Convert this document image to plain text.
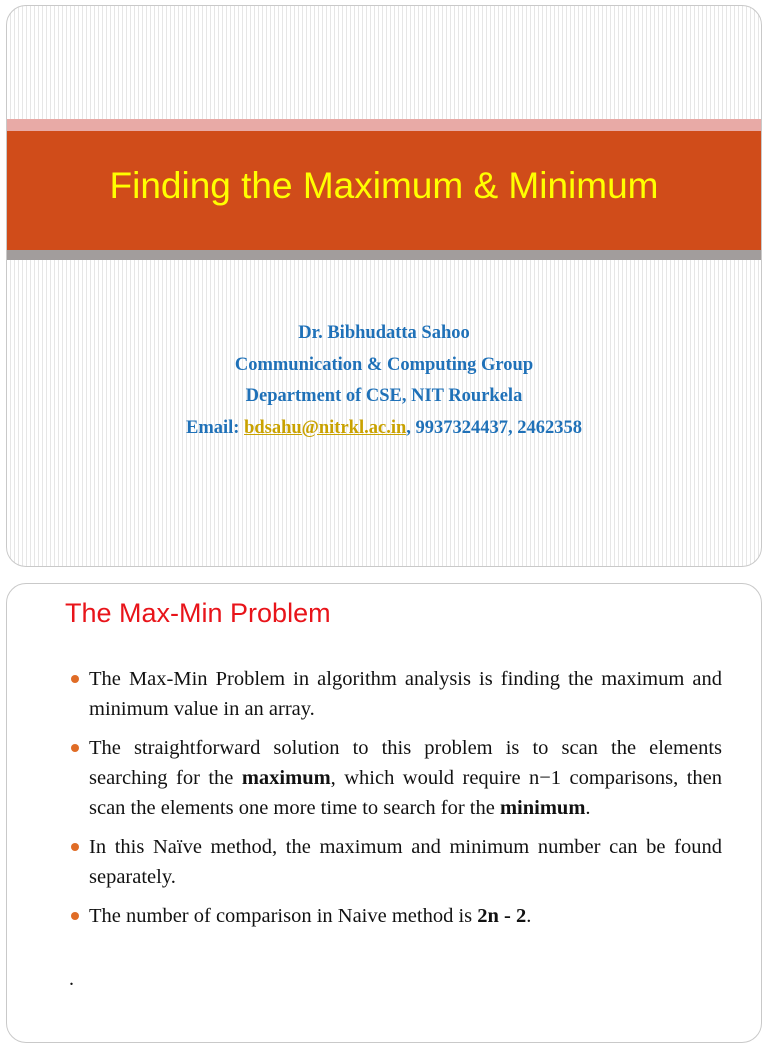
Finding the Maximum & Minimum
Dr. Bibhudatta Sahoo
Communication & Computing Group
Department of CSE, NIT Rourkela
Email: bdsahu@nitrkl.ac.in, 9937324437, 2462358
The Max-Min Problem
The Max-Min Problem in algorithm analysis is finding the maximum and minimum value in an array.
The straightforward solution to this problem is to scan the elements searching for the maximum, which would require n−1 comparisons, then scan the elements one more time to search for the minimum.
In this Naïve method, the maximum and minimum number can be found separately.
The number of comparison in Naive method is 2n - 2.
.
